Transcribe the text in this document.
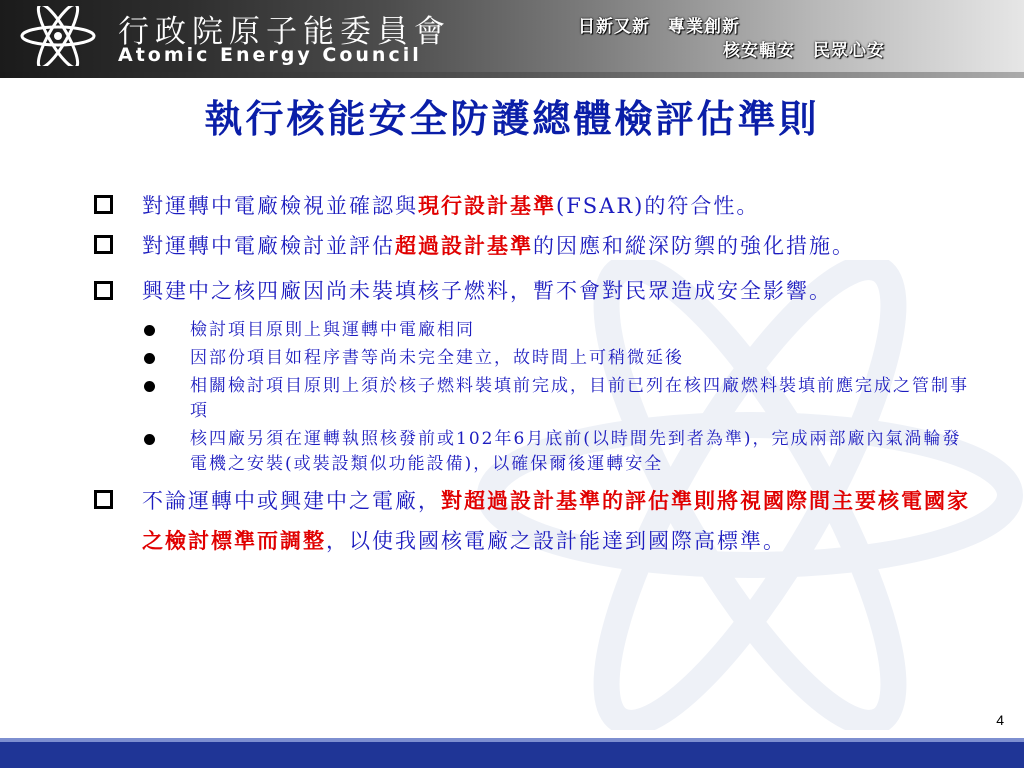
行政院原子能委員會
Atomic Energy Council
日新又新　專業創新
核安輻安　民眾心安
執行核能安全防護總體檢評估準則
對運轉中電廠檢視並確認與現行設計基準(FSAR)的符合性。
對運轉中電廠檢討並評估超過設計基準的因應和縱深防禦的強化措施。
興建中之核四廠因尚未裝填核子燃料，暫不會對民眾造成安全影響。
檢討項目原則上與運轉中電廠相同
因部份項目如程序書等尚未完全建立，故時間上可稍微延後
相關檢討項目原則上須於核子燃料裝填前完成，目前已列在核四廠燃料裝填前應完成之管制事項
核四廠另須在運轉執照核發前或102年6月底前(以時間先到者為準)，完成兩部廠內氣渦輪發電機之安裝(或裝設類似功能設備)，以確保爾後運轉安全
不論運轉中或興建中之電廠，對超過設計基準的評估準則將視國際間主要核電國家之檢討標準而調整，以使我國核電廠之設計能達到國際高標準。
4
